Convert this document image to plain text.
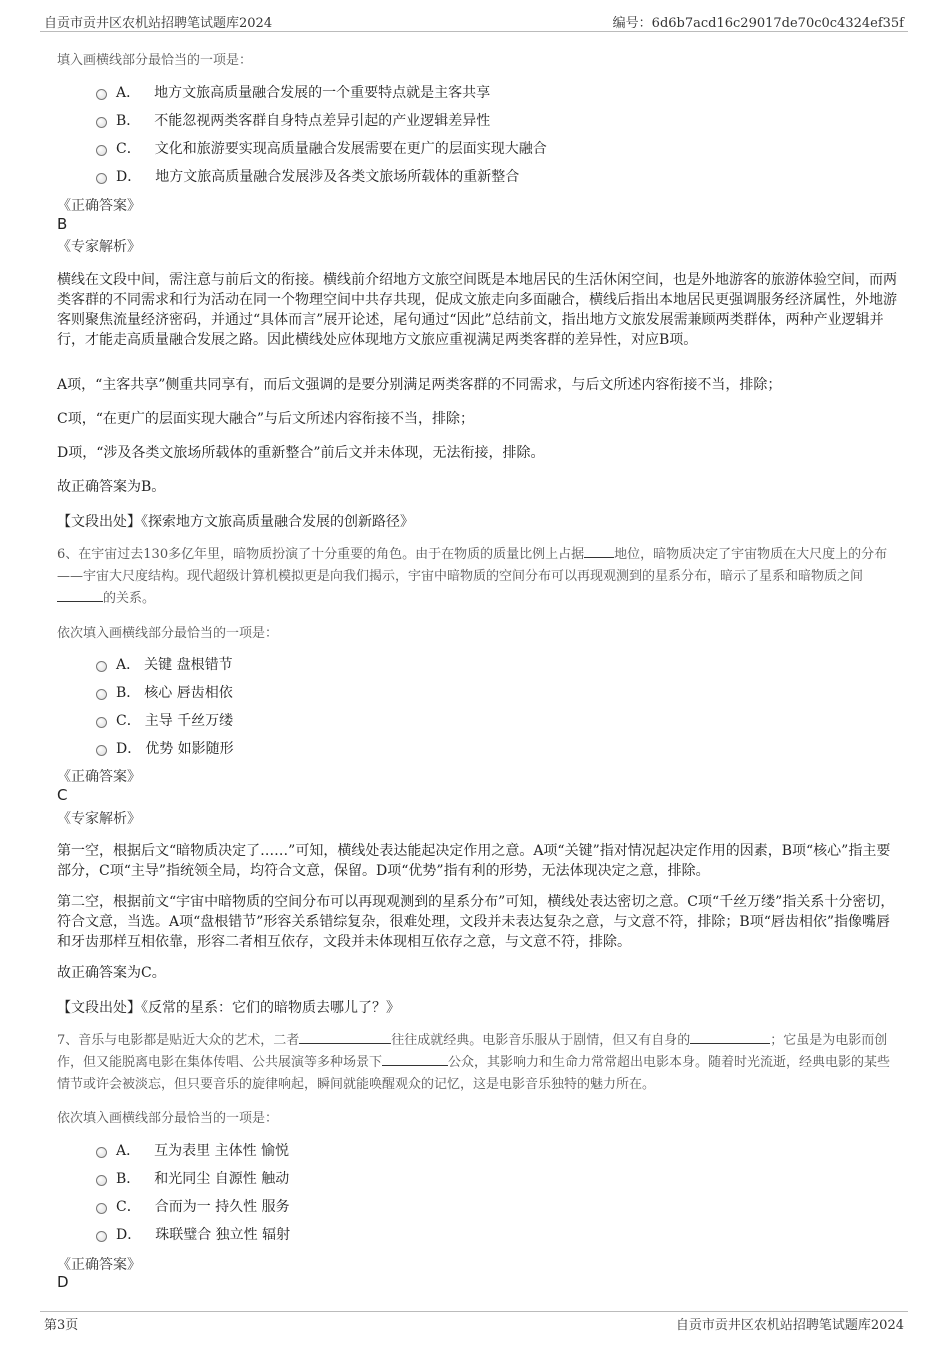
自贡市贡井区农机站招聘笔试题库2024	编号：6d6b7acd16c29017de70c0c4324ef35f
填入画横线部分最恰当的一项是：
A． 地方文旅高质量融合发展的一个重要特点就是主客共享
B． 不能忽视两类客群自身特点差异引起的产业逻辑差异性
C． 文化和旅游要实现高质量融合发展需要在更广的层面实现大融合
D． 地方文旅高质量融合发展涉及各类文旅场所载体的重新整合
《正确答案》
B
《专家解析》
横线在文段中间，需注意与前后文的衔接。横线前介绍地方文旅空间既是本地居民的生活休闲空间，也是外地游客的旅游体验空间，而两类客群的不同需求和行为活动在同一个物理空间中共存共现，促成文旅走向多面融合，横线后指出本地居民更强调服务经济属性，外地游客则聚焦流量经济密码，并通过“具体而言”展开论述，尾句通过“因此”总结前文，指出地方文旅发展需兼顾两类群体，两种产业逻辑并行，才能走高质量融合发展之路。因此横线处应体现地方文旅应重视满足两类客群的差异性，对应B项。
A项，“主客共享”侧重共同享有，而后文强调的是要分别满足两类客群的不同需求，与后文所述内容衔接不当，排除；
C项，“在更广的层面实现大融合”与后文所述内容衔接不当，排除；
D项，“涉及各类文旅场所载体的重新整合”前后文并未体现，无法衔接，排除。
故正确答案为B。
【文段出处】《探索地方文旅高质量融合发展的创新路径》
6、在宇宙过去130多亿年里，暗物质扮演了十分重要的角色。由于在物质的质量比例上占据 地位，暗物质决定了宇宙物质在大尺度上的分布——宇宙大尺度结构。现代超级计算机模拟更是向我们揭示，宇宙中暗物质的空间分布可以再现观测到的星系分布，暗示了星系和暗物质之间的关系。
依次填入画横线部分最恰当的一项是：
A． 关键 盘根错节
B． 核心 唇齿相依
C． 主导 千丝万缕
D． 优势 如影随形
《正确答案》
C
《专家解析》
第一空，根据后文“暗物质决定了……”可知，横线处表达能起决定作用之意。A项“关键”指对情况起决定作用的因素，B项“核心”指主要部分，C项“主导”指统领全局，均符合文意，保留。D项“优势”指有利的形势，无法体现决定之意，排除。
第二空，根据前文“宇宙中暗物质的空间分布可以再现观测到的星系分布”可知，横线处表达密切之意。C项“千丝万缕”指关系十分密切，符合文意，当选。A项“盘根错节”形容关系错综复杂，很难处理，文段并未表达复杂之意，与文意不符，排除；B项“唇齿相依”指像嘴唇和牙齿那样互相依靠，形容二者相互依存，文段并未体现相互依存之意，与文意不符，排除。
故正确答案为C。
【文段出处】《反常的星系：它们的暗物质去哪儿了？》
7、音乐与电影都是贴近大众的艺术，二者	往往成就经典。电影音乐服从于剧情，但又有自身的	；它虽是为电影而创作，但又能脱离电影在集体传唱、公共展演等多种场景下	公众，其影响力和生命力常常超出电影本身。随着时光流逝，经典电影的某些情节或许会被淡忘，但只要音乐的旋律响起，瞬间就能唤醒观众的记忆，这是电影音乐独特的魅力所在。
依次填入画横线部分最恰当的一项是：
A． 互为表里 主体性 愉悦
B． 和光同尘 自源性 触动
C． 合而为一 持久性 服务
D． 珠联璧合 独立性 辐射
《正确答案》
D
第3页	自贡市贡井区农机站招聘笔试题库2024
